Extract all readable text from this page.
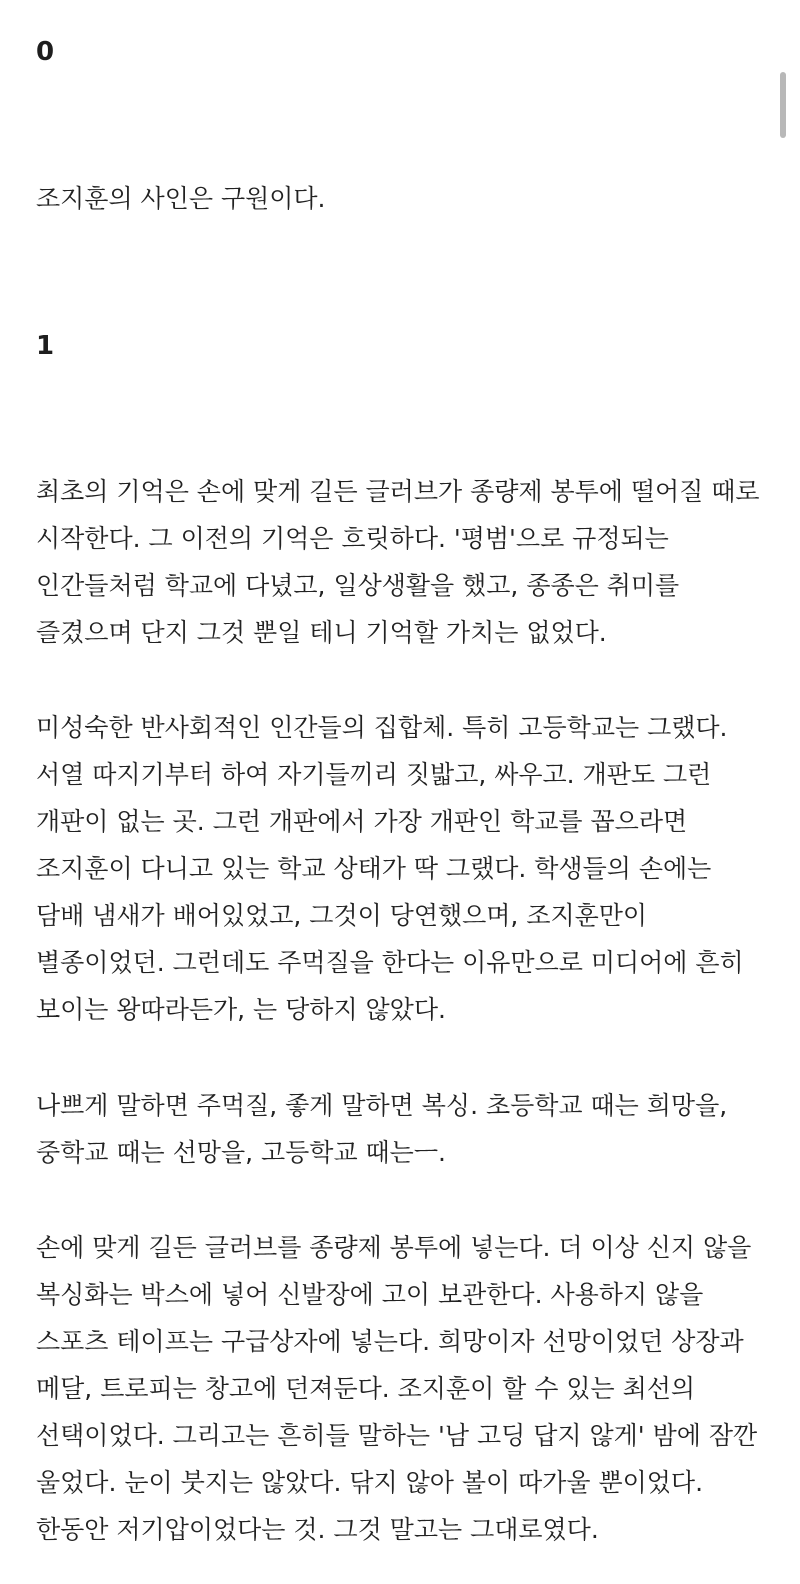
0

조지훈의 사인은 구원이다.

1

최초의 기억은 손에 맞게 길든 글러브가 종량제 봉투에 떨어질 때로 시작한다. 그 이전의 기억은 흐릿하다. '평범'으로 규정되는 인간들처럼 학교에 다녔고, 일상생활을 했고, 종종은 취미를 즐겼으며 단지 그것 뿐일 테니 기억할 가치는 없었다.

미성숙한 반사회적인 인간들의 집합체. 특히 고등학교는 그랬다. 서열 따지기부터 하여 자기들끼리 짓밟고, 싸우고. 개판도 그런 개판이 없는 곳. 그런 개판에서 가장 개판인 학교를 꼽으라면 조지훈이 다니고 있는 학교 상태가 딱 그랬다. 학생들의 손에는 담배 냄새가 배어있었고, 그것이 당연했으며, 조지훈만이 별종이었던. 그런데도 주먹질을 한다는 이유만으로 미디어에 흔히 보이는 왕따라든가, 는 당하지 않았다.

나쁘게 말하면 주먹질, 좋게 말하면 복싱. 초등학교 때는 희망을, 중학교 때는 선망을, 고등학교 때는ㅡ.

손에 맞게 길든 글러브를 종량제 봉투에 넣는다. 더 이상 신지 않을 복싱화는 박스에 넣어 신발장에 고이 보관한다. 사용하지 않을 스포츠 테이프는 구급상자에 넣는다. 희망이자 선망이었던 상장과 메달, 트로피는 창고에 던져둔다. 조지훈이 할 수 있는 최선의 선택이었다. 그리고는 흔히들 말하는 '남 고딩 답지 않게' 밤에 잠깐 울었다. 눈이 붓지는 않았다. 닦지 않아 볼이 따가울 뿐이었다. 한동안 저기압이었다는 것. 그것 말고는 그대로였다.
